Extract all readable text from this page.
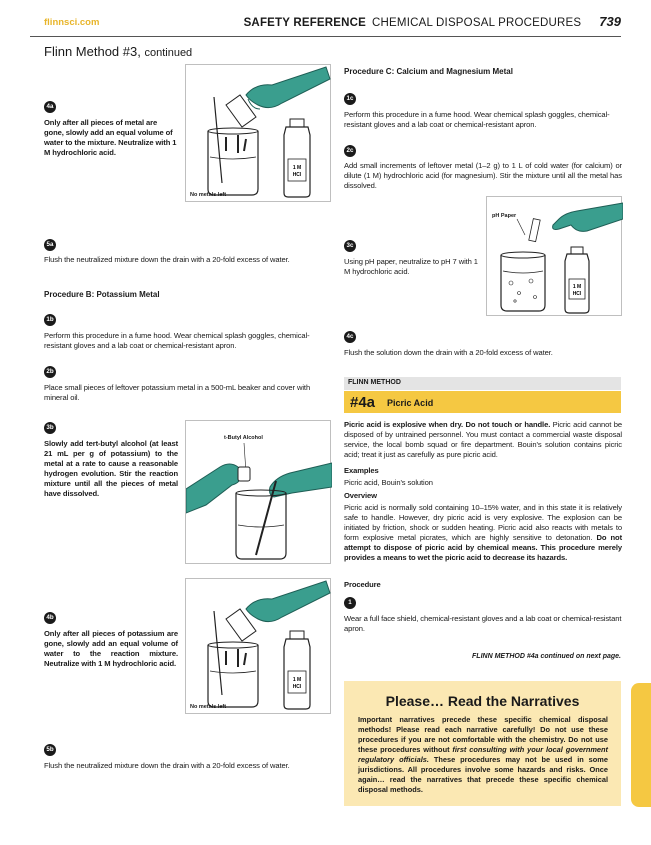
flinnsci.com	SAFETY REFERENCE CHEMICAL DISPOSAL PROCEDURES 739
Flinn Method #3, continued
4a
Only after all pieces of metal are gone, slowly add an equal volume of water to the mixture. Neutralize with 1 M hydrochloric acid.
1 M
HCl
No metals left
5a
Flush the neutralized mixture down the drain with a 20-fold excess of water.
Procedure B: Potassium Metal
1b
Perform this procedure in a fume hood. Wear chemical splash goggles, chemical-resistant gloves and a lab coat or chemical-resistant apron.
2b
Place small pieces of leftover potassium metal in a 500-mL beaker and cover with mineral oil.
3b
Slowly add tert-butyl alcohol (at least 21 mL per g of potassium) to the metal at a rate to cause a reasonable hydrogen evolution. Stir the reaction mixture until all the pieces of metal have dissolved.
t-Butyl Alcohol
4b
Only after all pieces of potassium are gone, slowly add an equal volume of water to the reaction mixture. Neutralize with 1 M hydrochloric acid.
1 M
HCl
No metals left
5b
Flush the neutralized mixture down the drain with a 20-fold excess of water.
Procedure C: Calcium and Magnesium Metal
1c
Perform this procedure in a fume hood. Wear chemical splash goggles, chemical-resistant gloves and a lab coat or chemical-resistant apron.
2c
Add small increments of leftover metal (1–2 g) to 1 L of cold water (for calcium) or dilute (1 M) hydrochloric acid (for magnesium). Stir the mixture until all the metal has dissolved.
3c
Using pH paper, neutralize to pH 7 with 1 M hydrochloric acid.
pH Paper
1 M
HCl
4c
Flush the solution down the drain with a 20-fold excess of water.
FLINN METHOD
#4a Picric Acid
Picric acid is explosive when dry. Do not touch or handle. Picric acid cannot be disposed of by untrained personnel. You must contact a commercial waste disposal service, the local bomb squad or fire department. Bouin's solution contains picric acid; treat it just as carefully as pure picric acid.
Examples
Picric acid, Bouin's solution
Overview
Picric acid is normally sold containing 10–15% water, and in this state it is relatively safe to handle. However, dry picric acid is very explosive. The explosion can be initiated by friction, shock or sudden heating. Picric acid also reacts with metals to form explosive metal picrates, which are highly sensitive to detonation. Do not attempt to dispose of picric acid by chemical means. This procedure merely provides a means to wet the picric acid to decrease its hazards.
Procedure
1
Wear a full face shield, chemical-resistant gloves and a lab coat or chemical-resistant apron.
FLINN METHOD #4a continued on next page.
Please… Read the Narratives
Important narratives precede these specific chemical disposal methods! Please read each narrative carefully! Do not use these procedures if you are not comfortable with the chemistry. Do not use these procedures without first consulting with your local government regulatory officials. These procedures may not be used in some jurisdictions. All procedures involve some hazards and risks. Once again… read the narratives that precede these specific chemical disposal methods.
